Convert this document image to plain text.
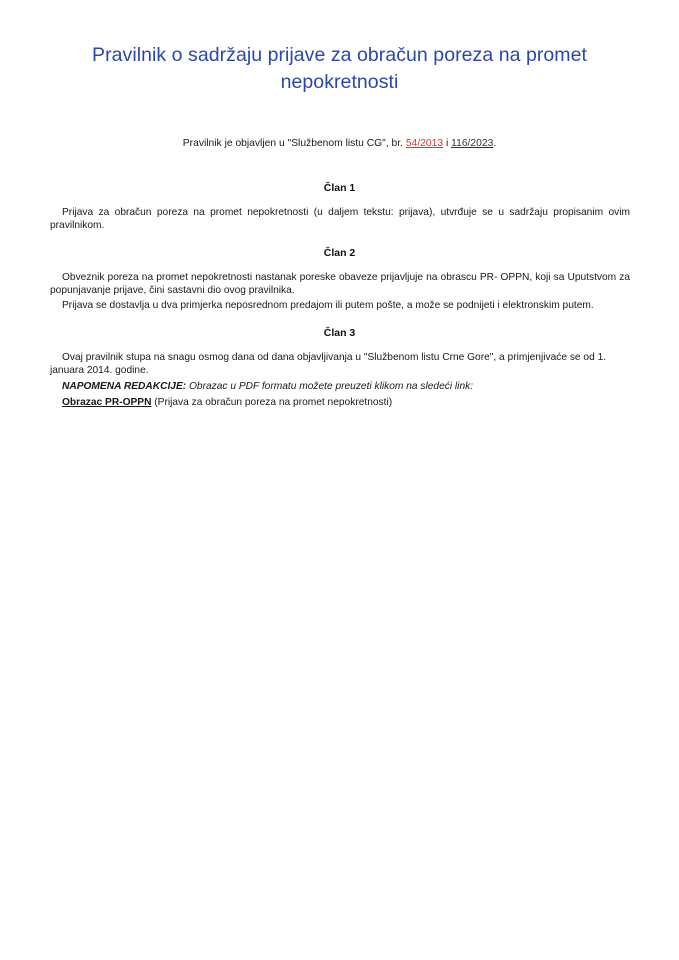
Pravilnik o sadržaju prijave za obračun poreza na promet nepokretnosti
Pravilnik je objavljen u "Službenom listu CG", br. 54/2013 i 116/2023.
Član 1

Prijava za obračun poreza na promet nepokretnosti (u daljem tekstu: prijava), utvrđuje se u sadržaju propisanim ovim pravilnikom.

Član 2

Obveznik poreza na promet nepokretnosti nastanak poreske obaveze prijavljuje na obrascu PR- OPPN, koji sa Uputstvom za popunjavanje prijave, čini sastavni dio ovog pravilnika.

Prijava se dostavlja u dva primjerka neposrednom predajom ili putem pošte, a može se podnijeti i elektronskim putem.

Član 3

Ovaj pravilnik stupa na snagu osmog dana od dana objavljivanja u "Službenom listu Crne Gore", a primjenjivaće se od 1. januara 2014. godine.

NAPOMENA REDAKCIJE: Obrazac u PDF formatu možete preuzeti klikom na sledeći link:

Obrazac PR-OPPN (Prijava za obračun poreza na promet nepokretnosti)
